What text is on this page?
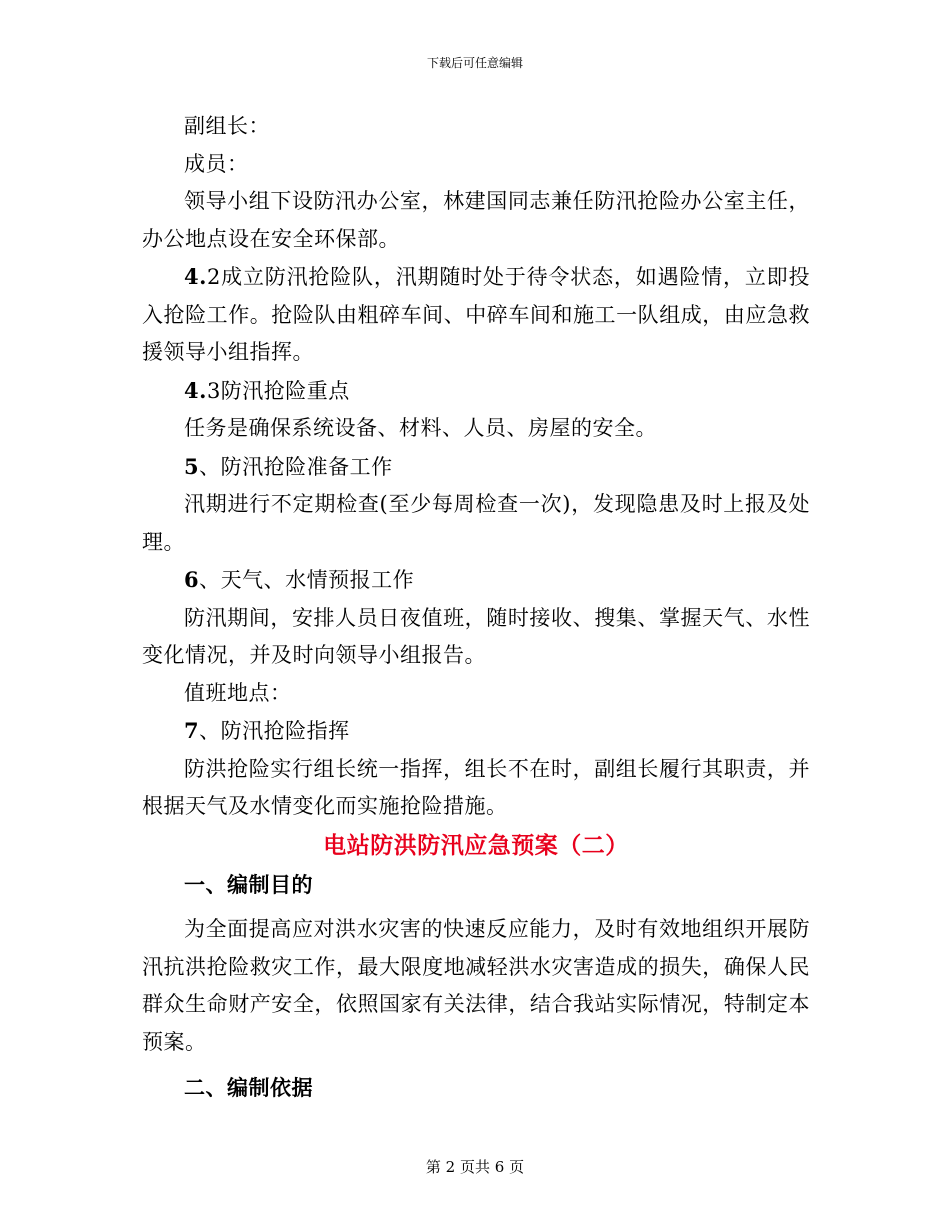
下载后可任意编辑

副组长：

成员：

领导小组下设防汛办公室，林建国同志兼任防汛抢险办公室主任，办公地点设在安全环保部。

4.2成立防汛抢险队，汛期随时处于待令状态，如遇险情，立即投入抢险工作。抢险队由粗碎车间、中碎车间和施工一队组成，由应急救援领导小组指挥。

4.3防汛抢险重点

任务是确保系统设备、材料、人员、房屋的安全。

5、防汛抢险准备工作

汛期进行不定期检查(至少每周检查一次)，发现隐患及时上报及处理。

6、天气、水情预报工作

防汛期间，安排人员日夜值班，随时接收、搜集、掌握天气、水性变化情况，并及时向领导小组报告。

值班地点：

7、防汛抢险指挥

防洪抢险实行组长统一指挥，组长不在时，副组长履行其职责，并根据天气及水情变化而实施抢险措施。

电站防洪防汛应急预案（二）

一、编制目的

为全面提高应对洪水灾害的快速反应能力，及时有效地组织开展防汛抗洪抢险救灾工作，最大限度地减轻洪水灾害造成的损失，确保人民群众生命财产安全，依照国家有关法律，结合我站实际情况，特制定本预案。

二、编制依据

第 2 页共 6 页
